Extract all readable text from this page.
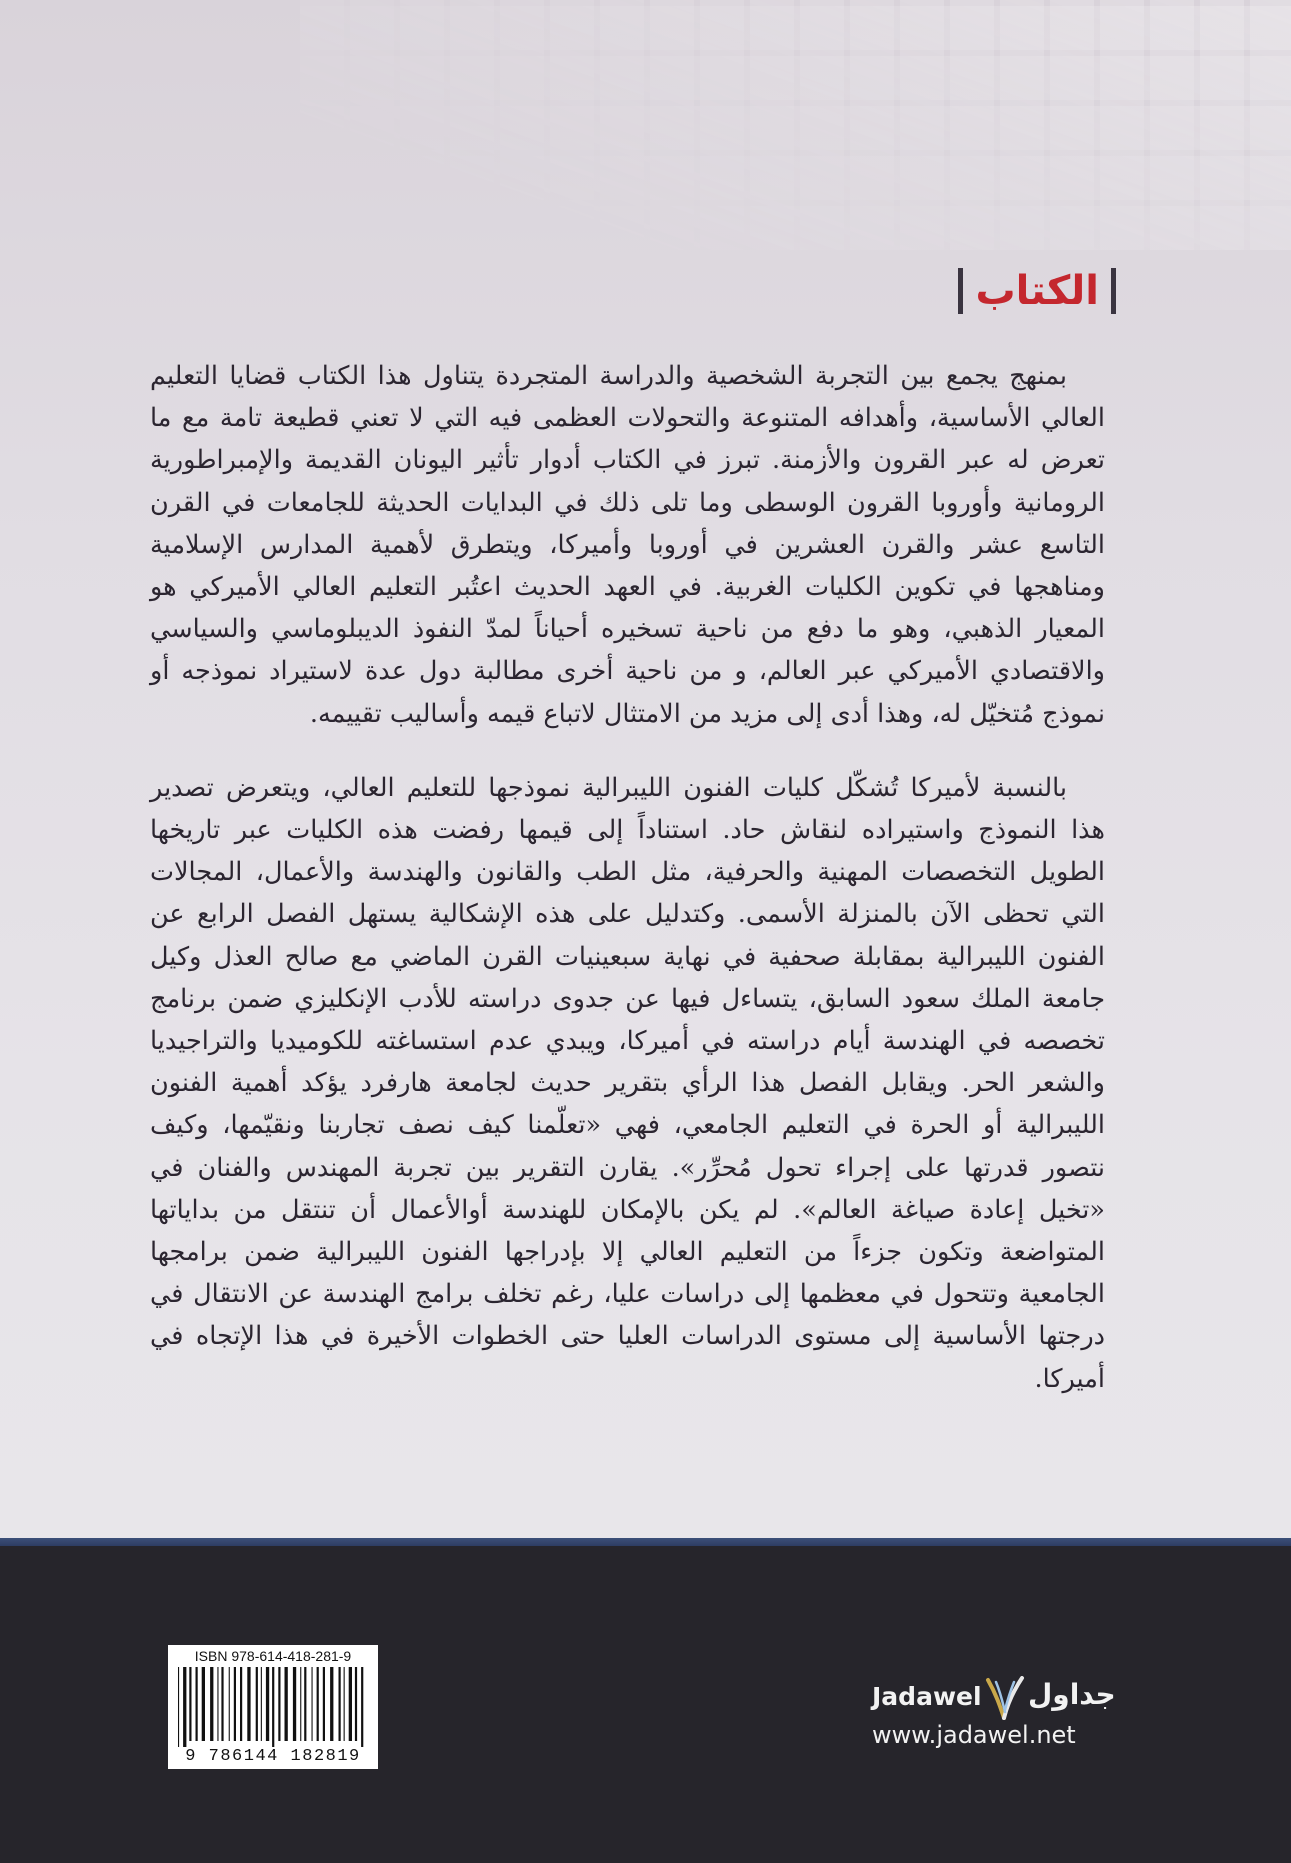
الكتاب

بمنهج يجمع بين التجربة الشخصية والدراسة المتجردة يتناول هذا الكتاب قضايا التعليم العالي الأساسية، وأهدافه المتنوعة والتحولات العظمى فيه التي لا تعني قطيعة تامة مع ما تعرض له عبر القرون والأزمنة. تبرز في الكتاب أدوار تأثير اليونان القديمة والإمبراطورية الرومانية وأوروبا القرون الوسطى وما تلى ذلك في البدايات الحديثة للجامعات في القرن التاسع عشر والقرن العشرين في أوروبا وأميركا، ويتطرق لأهمية المدارس الإسلامية ومناهجها في تكوين الكليات الغربية. في العهد الحديث اعتُبر التعليم العالي الأميركي هو المعيار الذهبي، وهو ما دفع من ناحية تسخيره أحياناً لمدّ النفوذ الديبلوماسي والسياسي والاقتصادي الأميركي عبر العالم، و من ناحية أخرى مطالبة دول عدة لاستيراد نموذجه أو نموذج مُتخيّل له، وهذا أدى إلى مزيد من الامتثال لاتباع قيمه وأساليب تقييمه.

بالنسبة لأميركا تُشكّل كليات الفنون الليبرالية نموذجها للتعليم العالي، ويتعرض تصدير هذا النموذج واستيراده لنقاش حاد. استناداً إلى قيمها رفضت هذه الكليات عبر تاريخها الطويل التخصصات المهنية والحرفية، مثل الطب والقانون والهندسة والأعمال، المجالات التي تحظى الآن بالمنزلة الأسمى. وكتدليل على هذه الإشكالية يستهل الفصل الرابع عن الفنون الليبرالية بمقابلة صحفية في نهاية سبعينيات القرن الماضي مع صالح العذل وكيل جامعة الملك سعود السابق، يتساءل فيها عن جدوى دراسته للأدب الإنكليزي ضمن برنامج تخصصه في الهندسة أيام دراسته في أميركا، ويبدي عدم استساغته للكوميديا والتراجيديا والشعر الحر. ويقابل الفصل هذا الرأي بتقرير حديث لجامعة هارفرد يؤكد أهمية الفنون الليبرالية أو الحرة في التعليم الجامعي، فهي «تعلّمنا كيف نصف تجاربنا ونقيّمها، وكيف نتصور قدرتها على إجراء تحول مُحرِّر». يقارن التقرير بين تجربة المهندس والفنان في «تخيل إعادة صياغة العالم». لم يكن بالإمكان للهندسة أوالأعمال أن تنتقل من بداياتها المتواضعة وتكون جزءاً من التعليم العالي إلا بإدراجها الفنون الليبرالية ضمن برامجها الجامعية وتتحول في معظمها إلى دراسات عليا، رغم تخلف برامج الهندسة عن الانتقال في درجتها الأساسية إلى مستوى الدراسات العليا حتى الخطوات الأخيرة في هذا الإتجاه في أميركا.

ISBN 978-614-418-281-9
9 786144 182819
Jadawel جداول
www.jadawel.net
